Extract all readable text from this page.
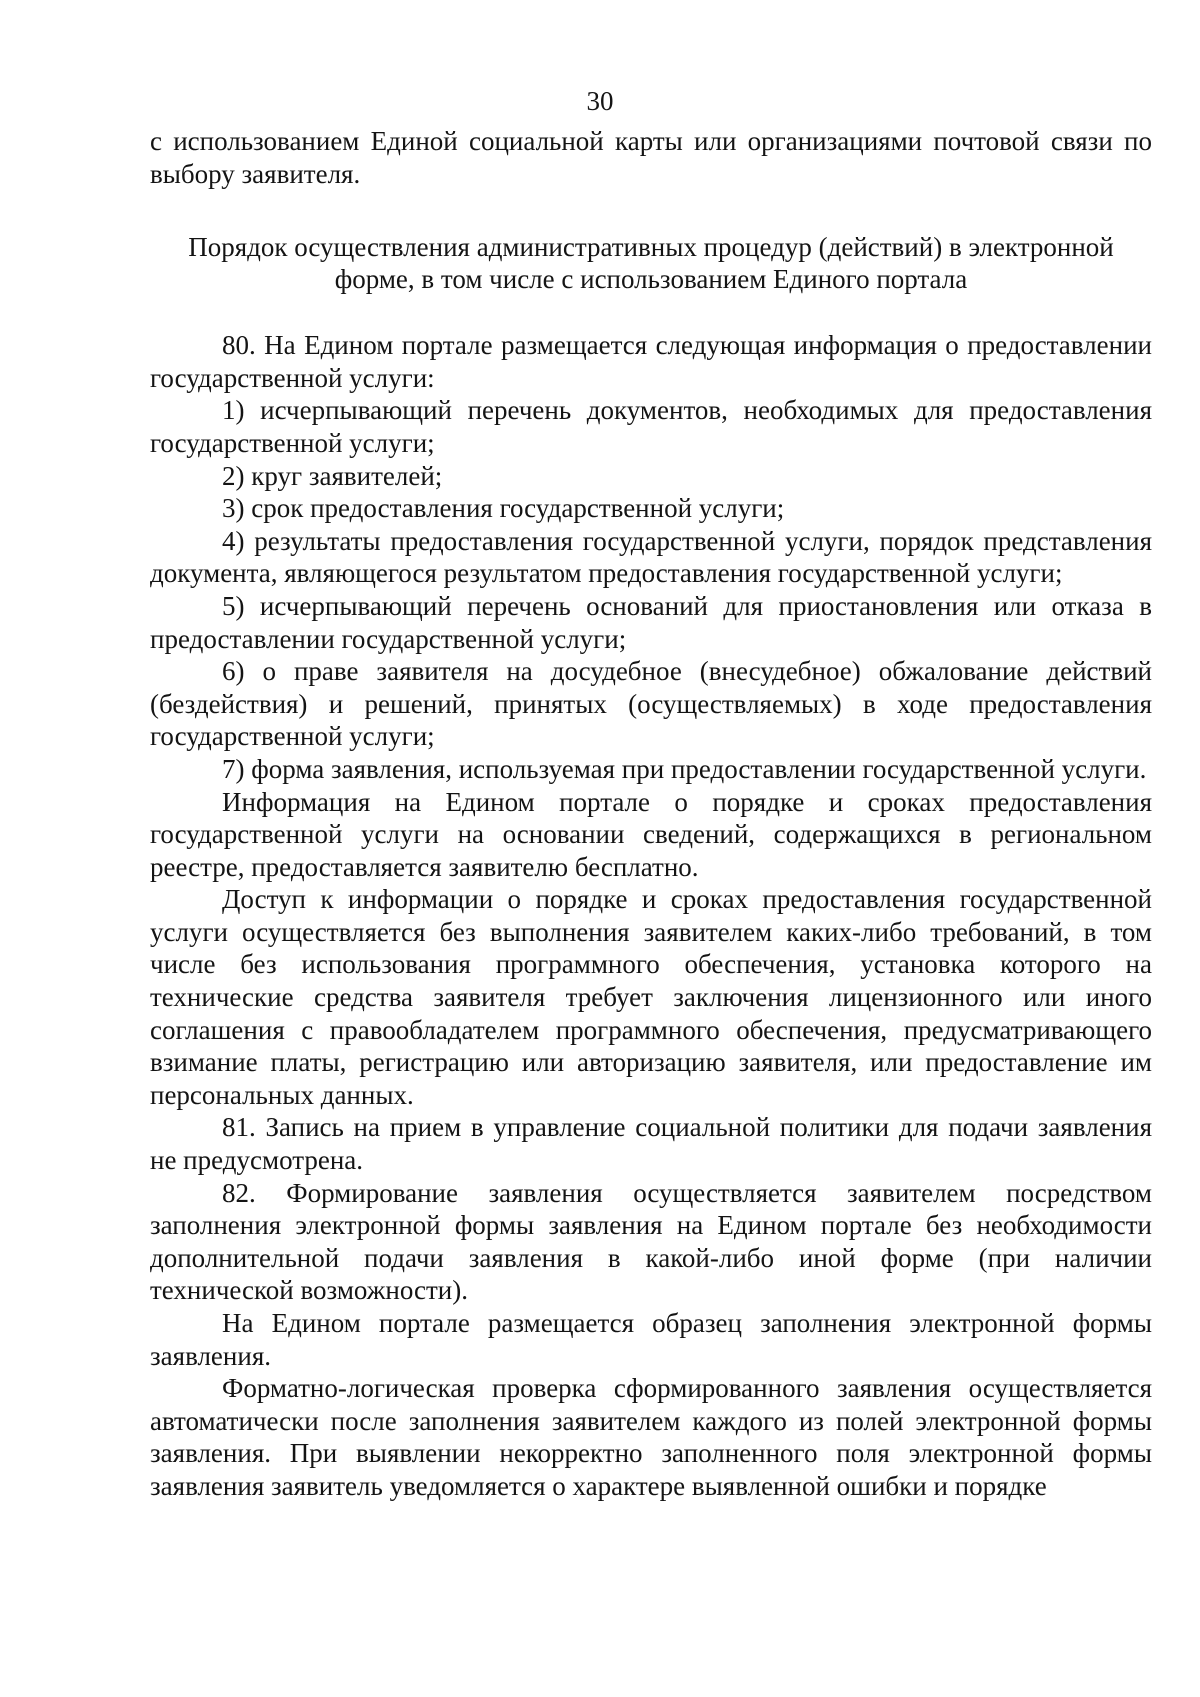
30

с использованием Единой социальной карты или организациями почтовой связи по выбору заявителя.

Порядок осуществления административных процедур (действий) в электронной форме, в том числе с использованием Единого портала

80. На Едином портале размещается следующая информация о предоставлении государственной услуги:

1) исчерпывающий перечень документов, необходимых для предоставления государственной услуги;

2) круг заявителей;

3) срок предоставления государственной услуги;

4) результаты предоставления государственной услуги, порядок представления документа, являющегося результатом предоставления государственной услуги;

5) исчерпывающий перечень оснований для приостановления или отказа в предоставлении государственной услуги;

6) о праве заявителя на досудебное (внесудебное) обжалование действий (бездействия) и решений, принятых (осуществляемых) в ходе предоставления государственной услуги;

7) форма заявления, используемая при предоставлении государственной услуги.

Информация на Едином портале о порядке и сроках предоставления государственной услуги на основании сведений, содержащихся в региональном реестре, предоставляется заявителю бесплатно.

Доступ к информации о порядке и сроках предоставления государственной услуги осуществляется без выполнения заявителем каких-либо требований, в том числе без использования программного обеспечения, установка которого на технические средства заявителя требует заключения лицензионного или иного соглашения с правообладателем программного обеспечения, предусматривающего взимание платы, регистрацию или авторизацию заявителя, или предоставление им персональных данных.

81. Запись на прием в управление социальной политики для подачи заявления не предусмотрена.

82. Формирование заявления осуществляется заявителем посредством заполнения электронной формы заявления на Едином портале без необходимости дополнительной подачи заявления в какой-либо иной форме (при наличии технической возможности).

На Едином портале размещается образец заполнения электронной формы заявления.

Форматно-логическая проверка сформированного заявления осуществляется автоматически после заполнения заявителем каждого из полей электронной формы заявления. При выявлении некорректно заполненного поля электронной формы заявления заявитель уведомляется о характере выявленной ошибки и порядке
